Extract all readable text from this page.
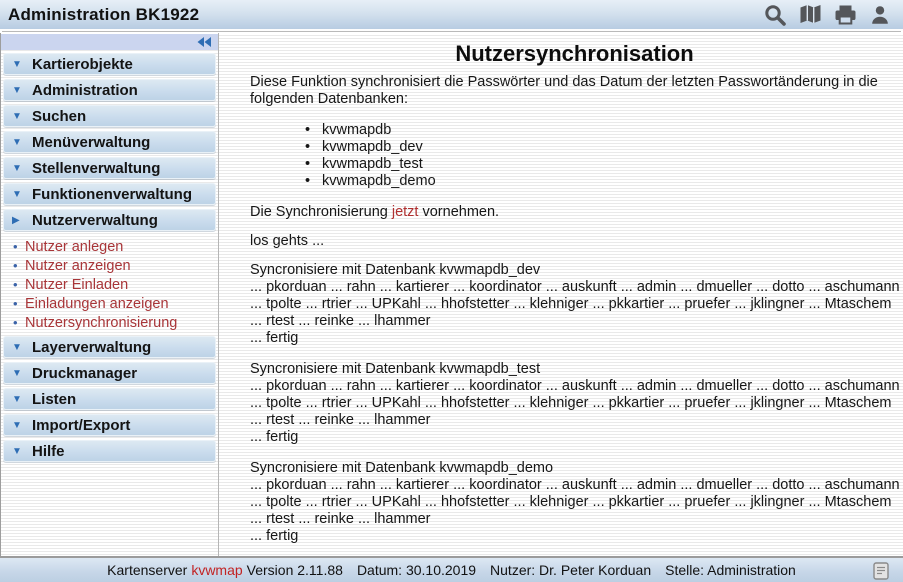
Administration BK1922
▼ Kartierobjekte
▼ Administration
▼ Suchen
▼ Menüverwaltung
▼ Stellenverwaltung
▼ Funktionenverwaltung
▶ Nutzerverwaltung
• Nutzer anlegen
• Nutzer anzeigen
• Nutzer Einladen
• Einladungen anzeigen
• Nutzersynchronisierung
▼ Layerverwaltung
▼ Druckmanager
▼ Listen
▼ Import/Export
▼ Hilfe
Nutzersynchronisation

Diese Funktion synchronisiert die Passwörter und das Datum der letzten Passwortänderung in die folgenden Datenbanken:

• kvwmapdb
• kvwmapdb_dev
• kvwmapdb_test
• kvwmapdb_demo

Die Synchronisierung jetzt vornehmen.

los gehts ...

Syncronisiere mit Datenbank kvwmapdb_dev
... pkorduan ... rahn ... kartierer ... koordinator ... auskunft ... admin ... dmueller ... dotto ... aschumann
... tpolte ... rtrier ... UPKahl ... hhofstetter ... klehniger ... pkkartier ... pruefer ... jklingner ... Mtaschem
... rtest ... reinke ... lhammer
... fertig
Syncronisiere mit Datenbank kvwmapdb_test
... pkorduan ... rahn ... kartierer ... koordinator ... auskunft ... admin ... dmueller ... dotto ... aschumann
... tpolte ... rtrier ... UPKahl ... hhofstetter ... klehniger ... pkkartier ... pruefer ... jklingner ... Mtaschem
... rtest ... reinke ... lhammer
... fertig
Syncronisiere mit Datenbank kvwmapdb_demo
... pkorduan ... rahn ... kartierer ... koordinator ... auskunft ... admin ... dmueller ... dotto ... aschumann
... tpolte ... rtrier ... UPKahl ... hhofstetter ... klehniger ... pkkartier ... pruefer ... jklingner ... Mtaschem
... rtest ... reinke ... lhammer
... fertig
Kartenserver kvwmap Version 2.11.88 Datum: 30.10.2019 Nutzer: Dr. Peter Korduan Stelle: Administration
